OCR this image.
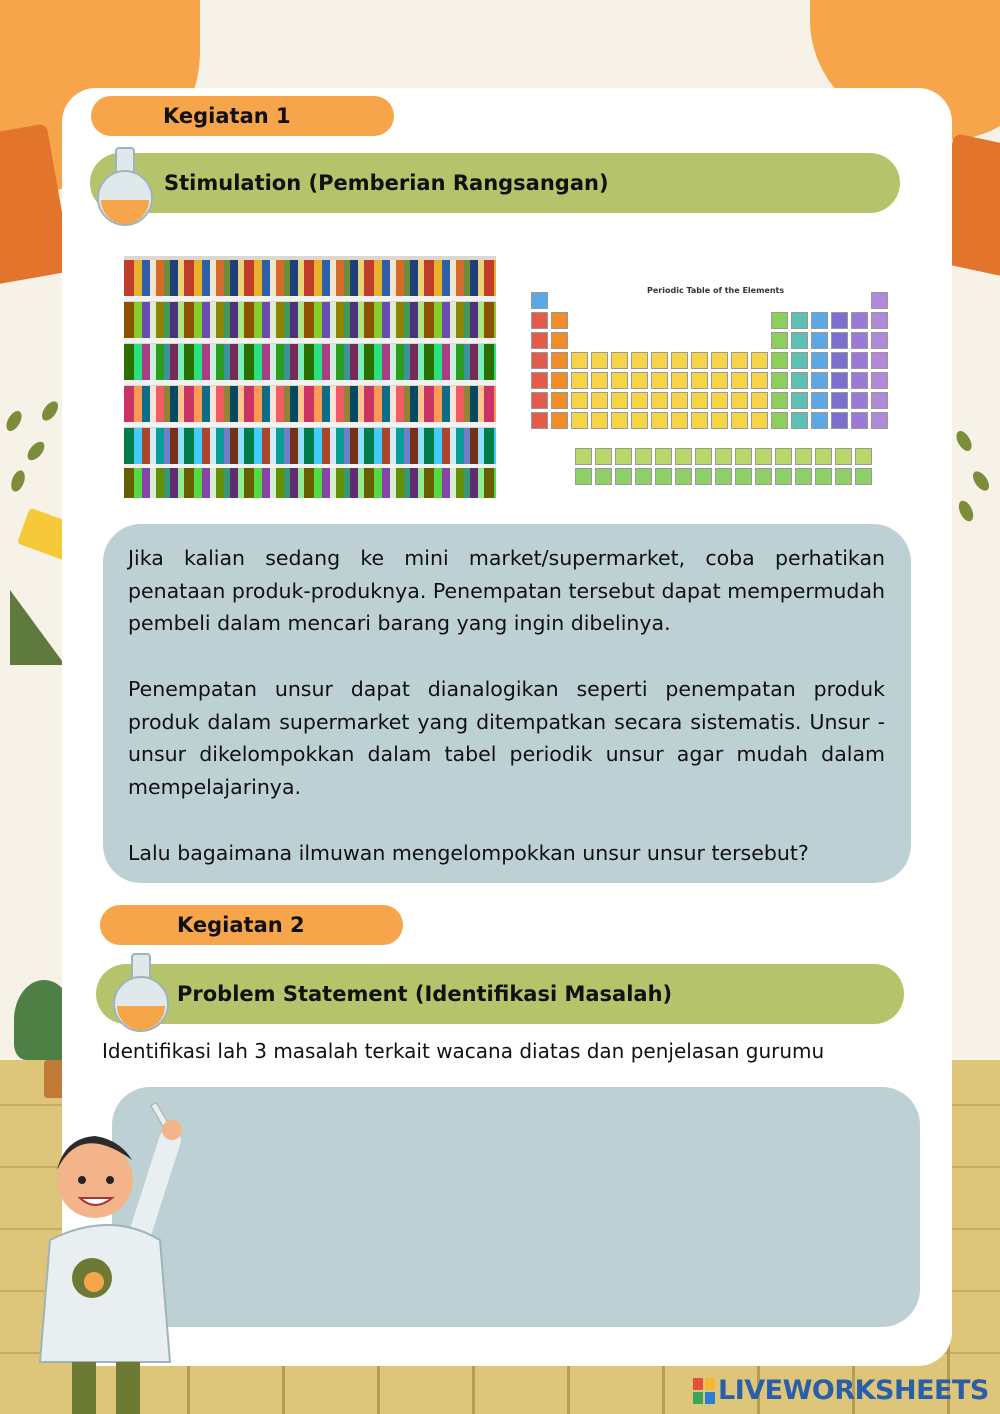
Kegiatan 1
Stimulation (Pemberian Rangsangan)
Periodic Table of the Elements

Jika kalian sedang ke mini market/supermarket, coba perhatikan penataan produk-produknya. Penempatan tersebut dapat mempermudah pembeli dalam mencari barang yang ingin dibelinya.

Penempatan unsur dapat dianalogikan seperti penempatan produk produk dalam supermarket yang ditempatkan secara sistematis. Unsur -unsur dikelompokkan dalam tabel periodik unsur agar mudah dalam mempelajarinya.

Lalu bagaimana ilmuwan mengelompokkan unsur unsur tersebut?

Kegiatan 2
Problem Statement (Identifikasi Masalah)
Identifikasi lah 3 masalah terkait wacana diatas dan penjelasan gurumu
LIVEWORKSHEETS
